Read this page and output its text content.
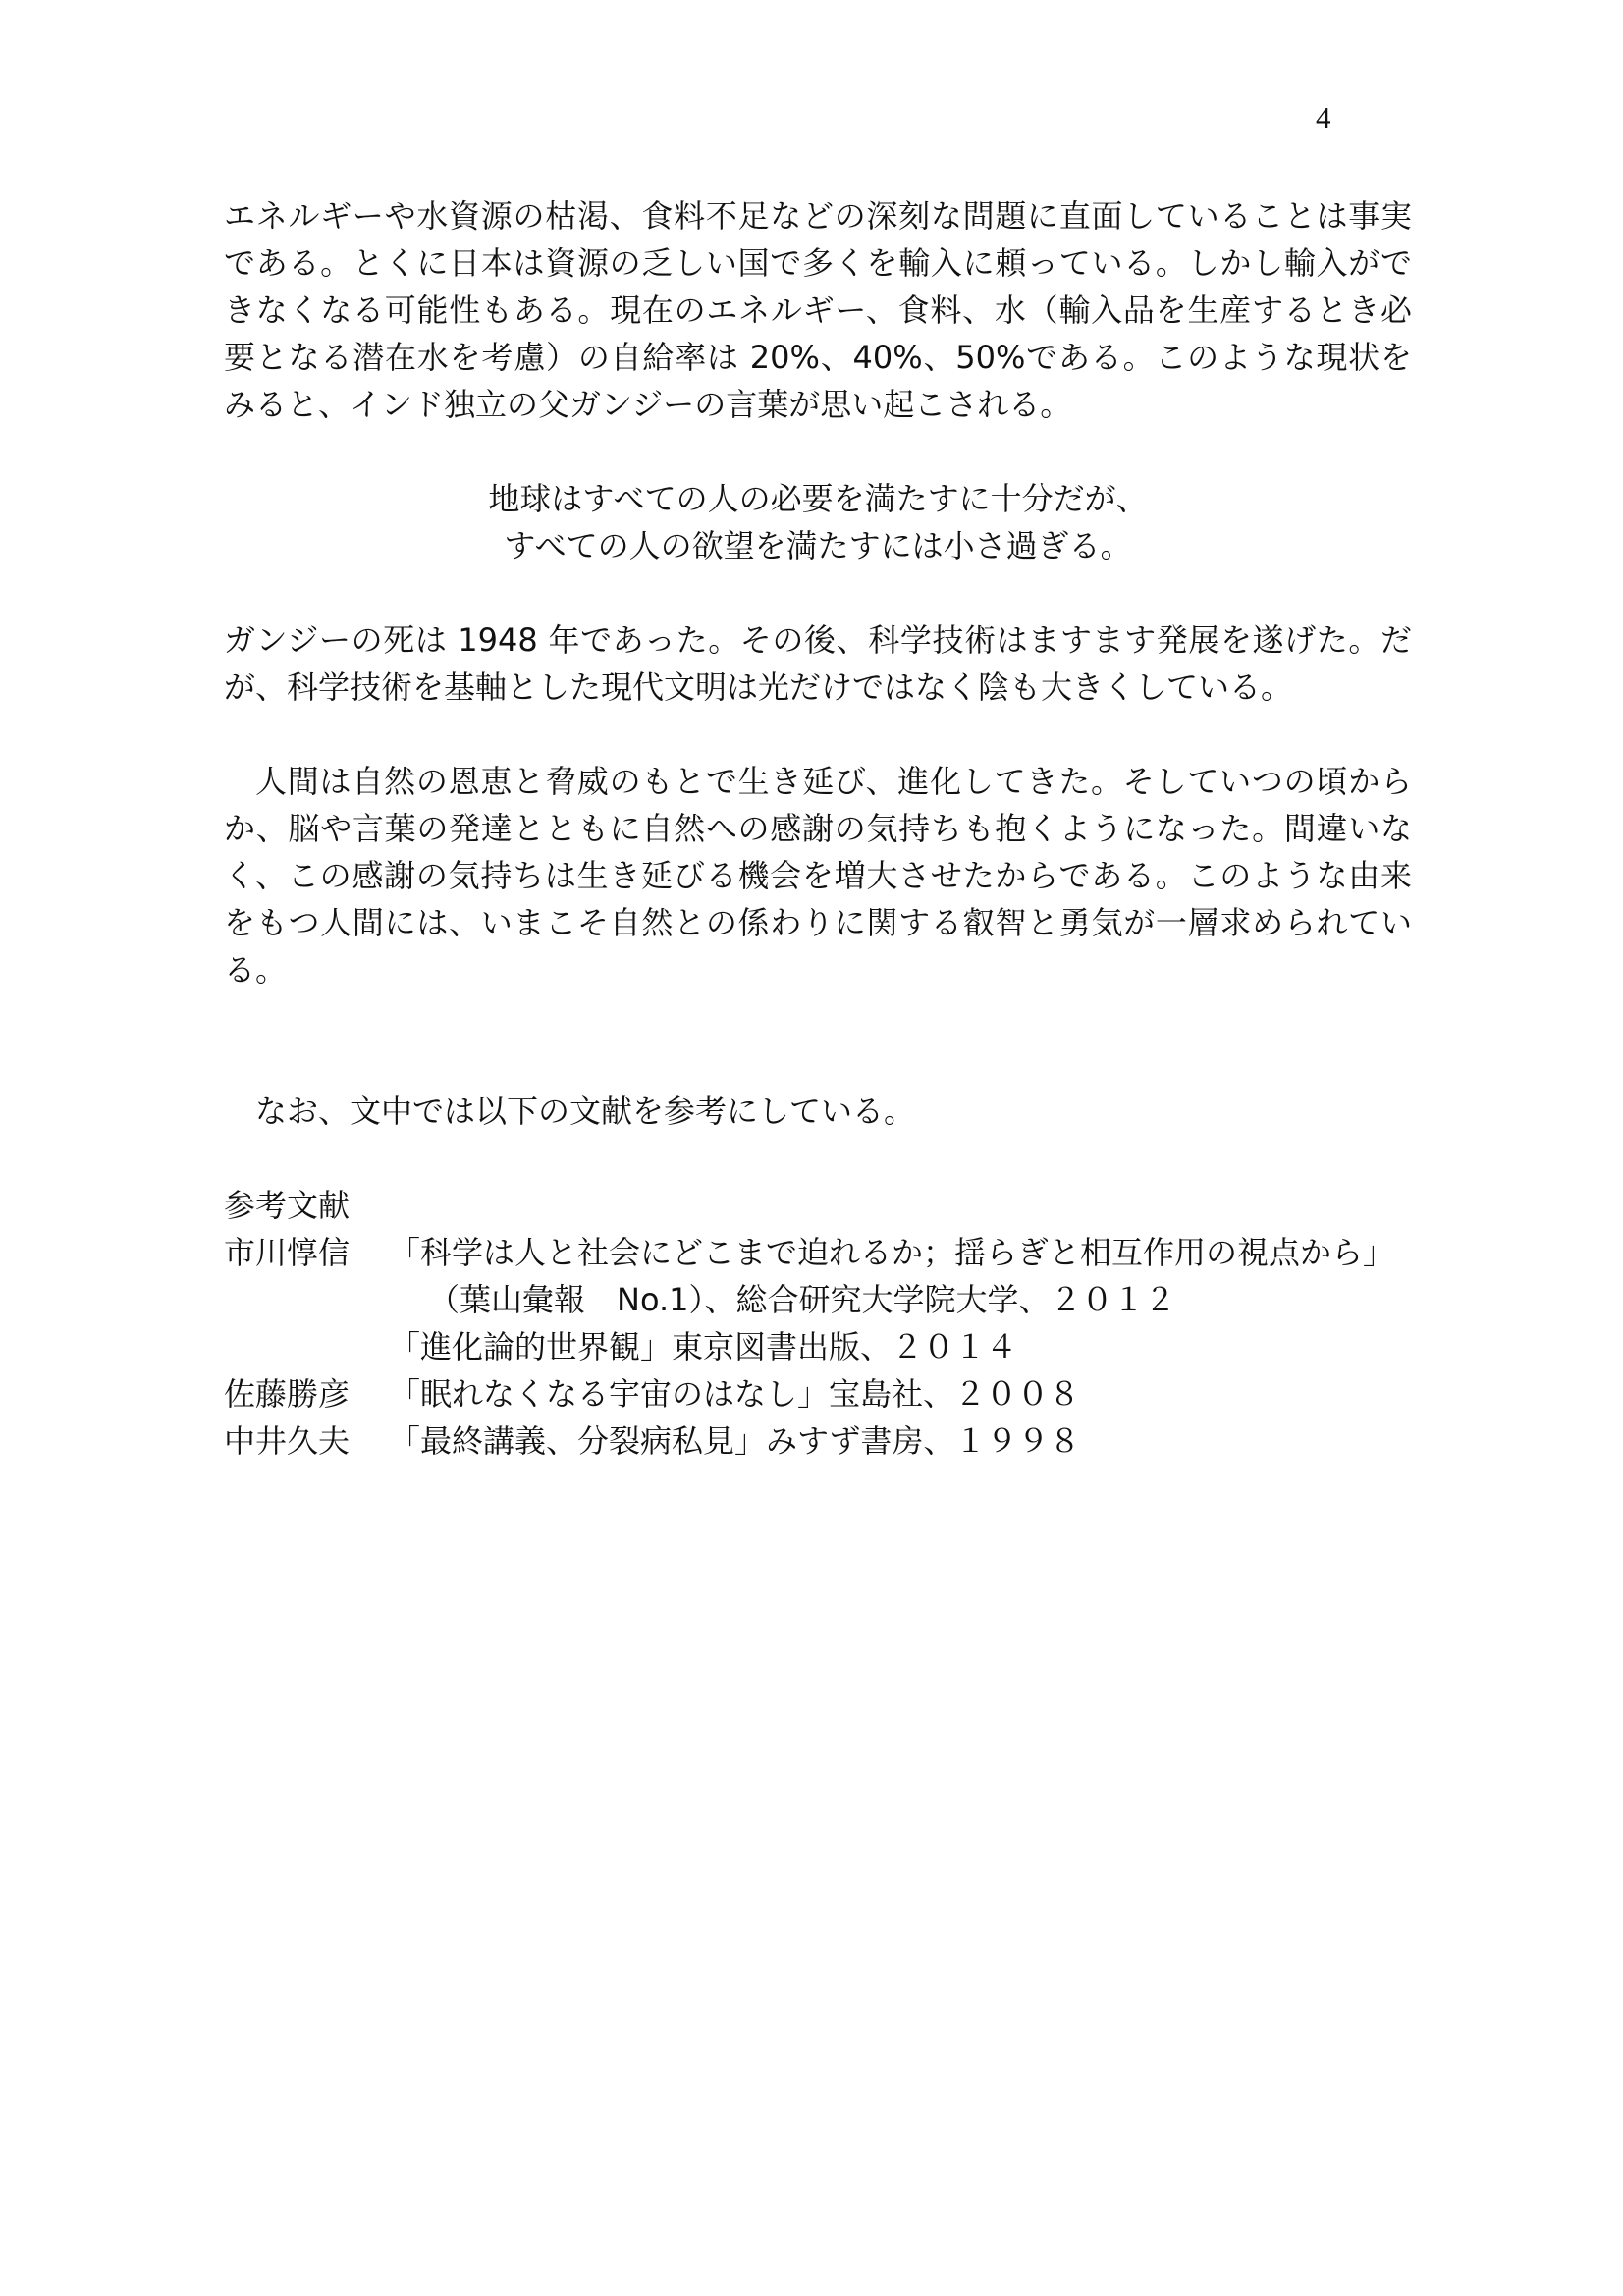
4

エネルギーや水資源の枯渇、食料不足などの深刻な問題に直面していることは事実である。とくに日本は資源の乏しい国で多くを輸入に頼っている。しかし輸入ができなくなる可能性もある。現在のエネルギー、食料、水（輸入品を生産するとき必要となる潜在水を考慮）の自給率は 20%、40%、50%である。このような現状をみると、インド独立の父ガンジーの言葉が思い起こされる。

地球はすべての人の必要を満たすに十分だが、
すべての人の欲望を満たすには小さ過ぎる。

ガンジーの死は 1948 年であった。その後、科学技術はますます発展を遂げた。だが、科学技術を基軸とした現代文明は光だけではなく陰も大きくしている。

人間は自然の恩恵と脅威のもとで生き延び、進化してきた。そしていつの頃からか、脳や言葉の発達とともに自然への感謝の気持ちも抱くようになった。間違いなく、この感謝の気持ちは生き延びる機会を増大させたからである。このような由来をもつ人間には、いまこそ自然との係わりに関する叡智と勇気が一層求められている。

なお、文中では以下の文献を参考にしている。

参考文献
市川惇信	「科学は人と社会にどこまで迫れるか；揺らぎと相互作用の視点から」
（葉山彙報　No.1）、総合研究大学院大学、２０１２
「進化論的世界観」東京図書出版、２０１４
佐藤勝彦	「眠れなくなる宇宙のはなし」宝島社、２００８
中井久夫	「最終講義、分裂病私見」みすず書房、１９９８
